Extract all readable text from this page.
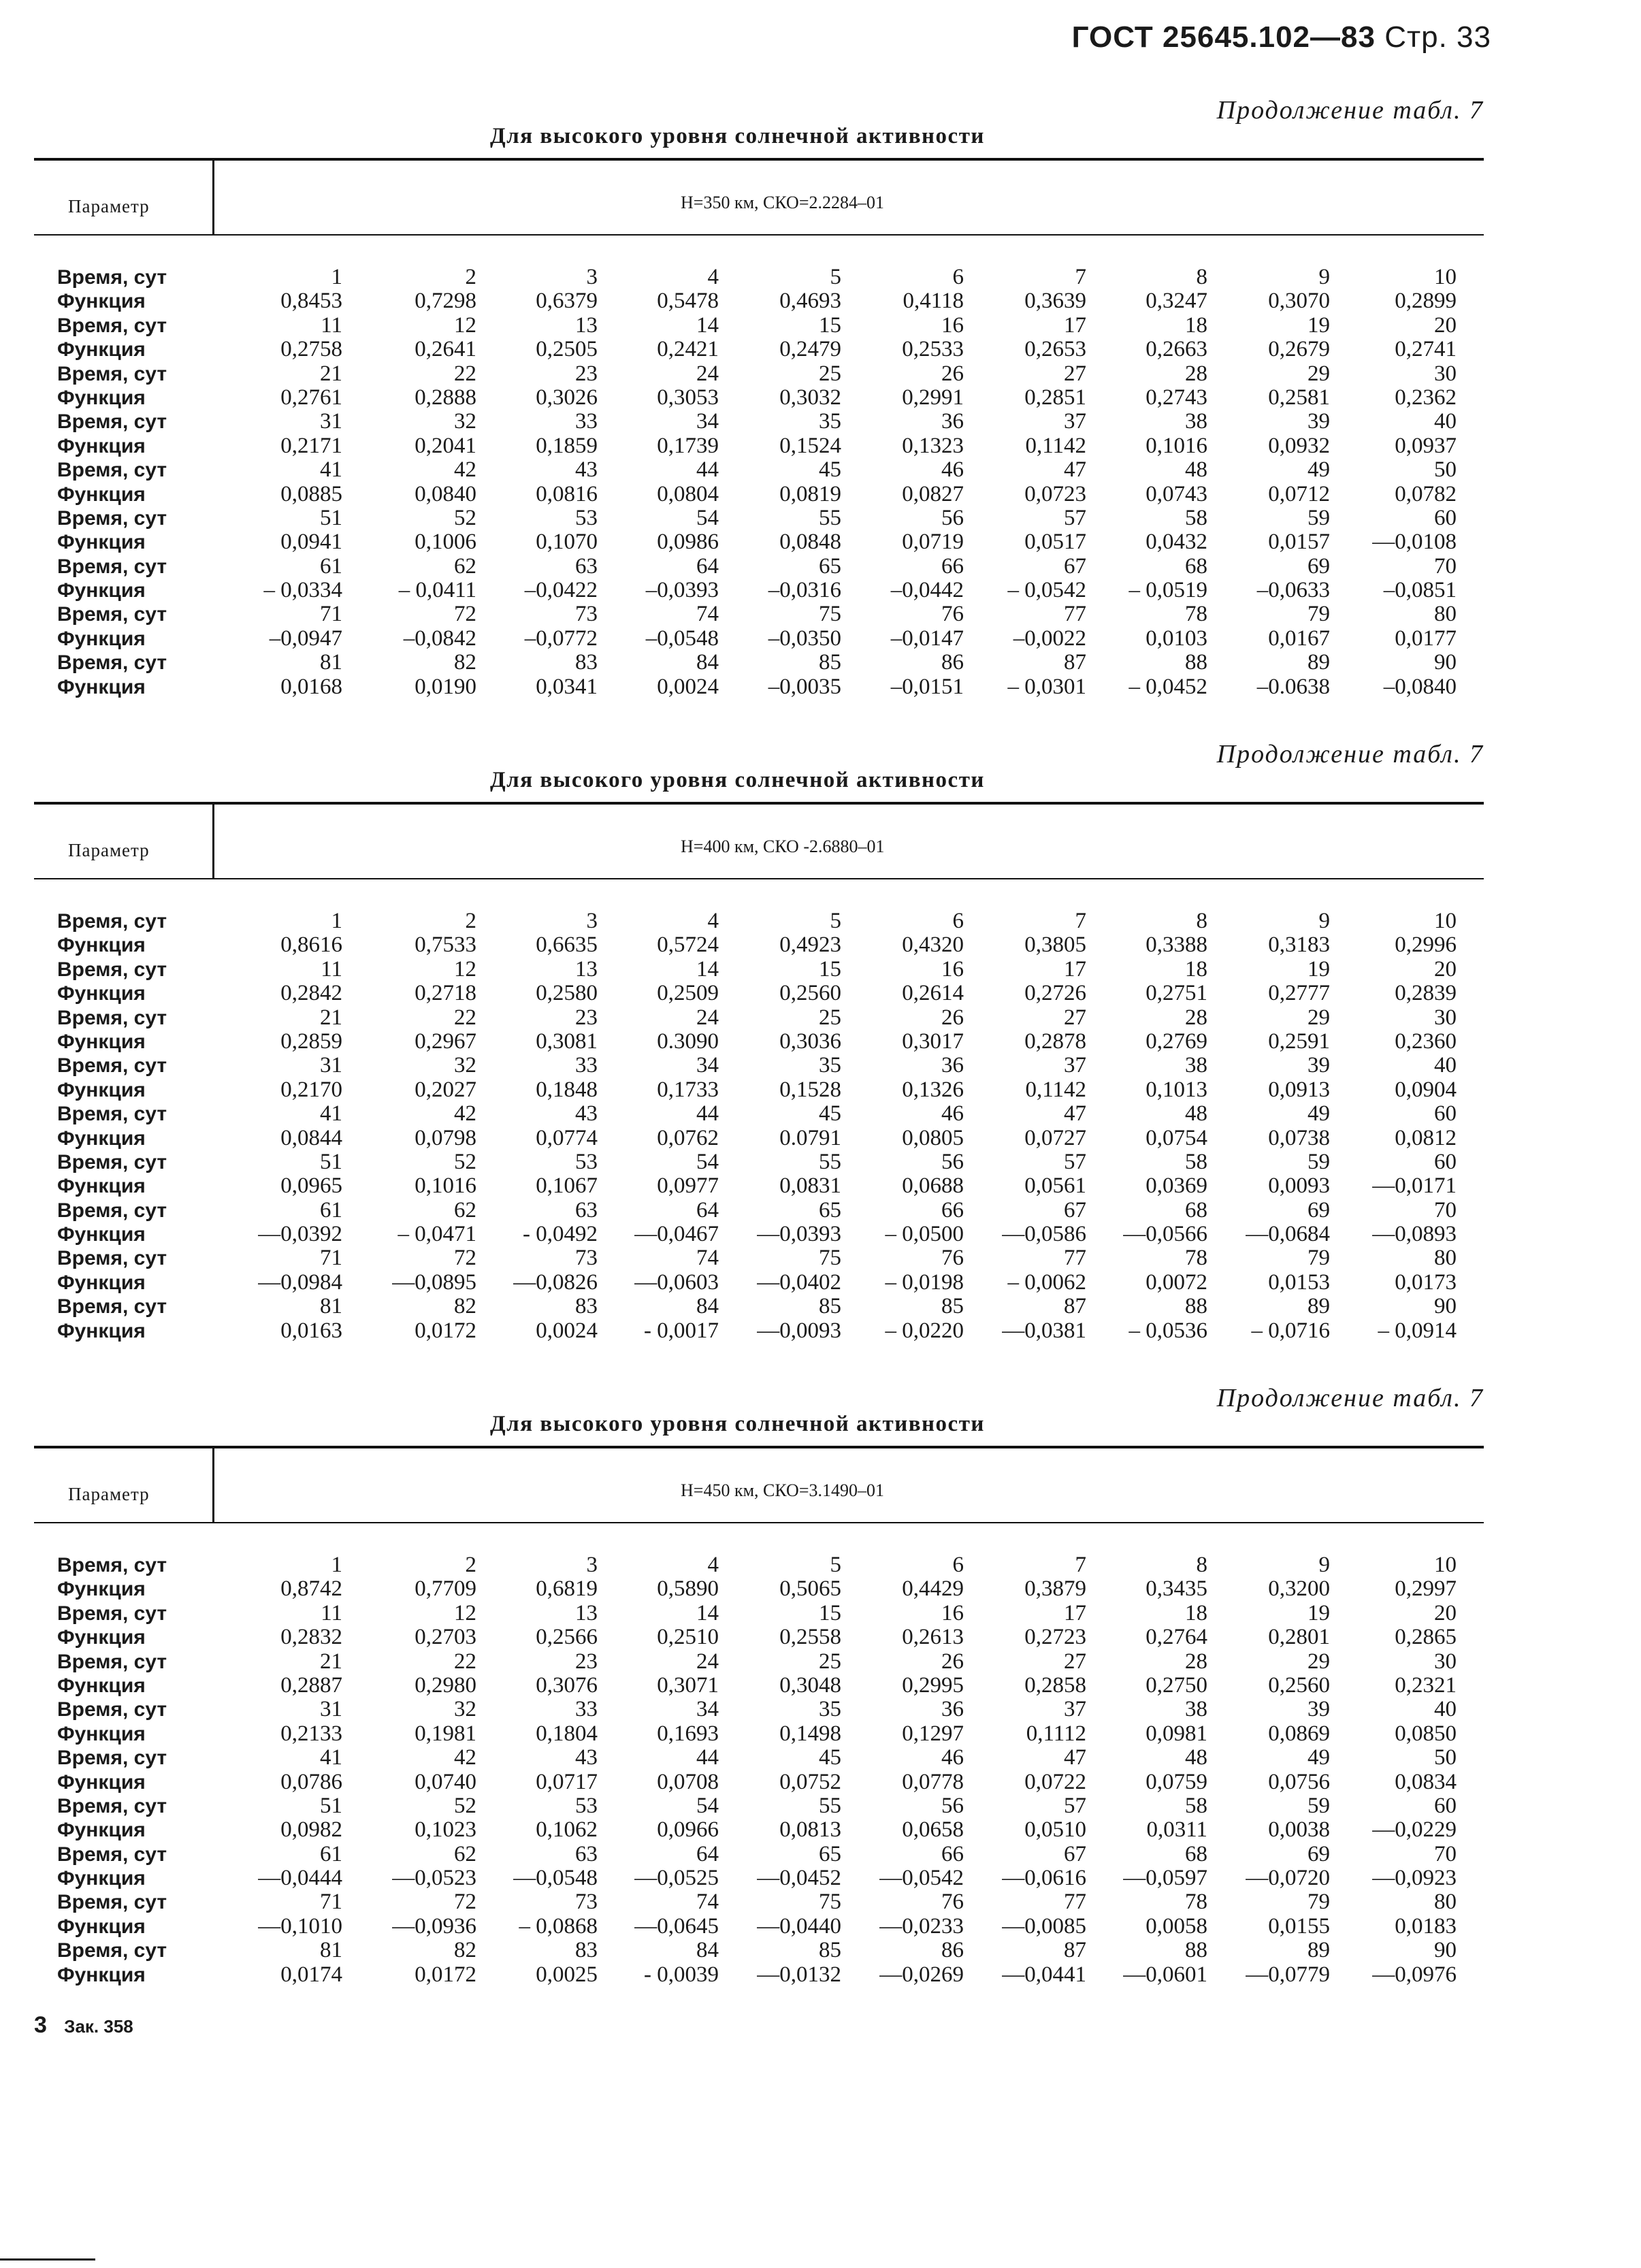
ГОСТ 25645.102—83 Стр. 33
Продолжение табл. 7
Для высокого уровня солнечной активности
Параметр	H=350 км, СКО=2.2284–01
Время, сут	1	2	3	4	5	6	7	8	9	10
Функция	0,8453	0,7298	0,6379	0,5478	0,4693	0,4118	0,3639	0,3247	0,3070	0,2899
Время, сут	11	12	13	14	15	16	17	18	19	20
Функция	0,2758	0,2641	0,2505	0,2421	0,2479	0,2533	0,2653	0,2663	0,2679	0,2741
Время, сут	21	22	23	24	25	26	27	28	29	30
Функция	0,2761	0,2888	0,3026	0,3053	0,3032	0,2991	0,2851	0,2743	0,2581	0,2362
Время, сут	31	32	33	34	35	36	37	38	39	40
Функция	0,2171	0,2041	0,1859	0,1739	0,1524	0,1323	0,1142	0,1016	0,0932	0,0937
Время, сут	41	42	43	44	45	46	47	48	49	50
Функция	0,0885	0,0840	0,0816	0,0804	0,0819	0,0827	0,0723	0,0743	0,0712	0,0782
Время, сут	51	52	53	54	55	56	57	58	59	60
Функция	0,0941	0,1006	0,1070	0,0986	0,0848	0,0719	0,0517	0,0432	0,0157	—0,0108
Время, сут	61	62	63	64	65	66	67	68	69	70
Функция	– 0,0334	– 0,0411	–0,0422	–0,0393	–0,0316	–0,0442	– 0,0542	– 0,0519	–0,0633	–0,0851
Время, сут	71	72	73	74	75	76	77	78	79	80
Функция	–0,0947	–0,0842	–0,0772	–0,0548	–0,0350	–0,0147	–0,0022	0,0103	0,0167	0,0177
Время, сут	81	82	83	84	85	86	87	88	89	90
Функция	0,0168	0,0190	0,0341	0,0024	–0,0035	–0,0151	– 0,0301	– 0,0452	–0.0638	–0,0840
Продолжение табл. 7
Для высокого уровня солнечной активности
Параметр	H=400 км, СКО -2.6880–01
Время, сут	1	2	3	4	5	6	7	8	9	10
Функция	0,8616	0,7533	0,6635	0,5724	0,4923	0,4320	0,3805	0,3388	0,3183	0,2996
Время, сут	11	12	13	14	15	16	17	18	19	20
Функция	0,2842	0,2718	0,2580	0,2509	0,2560	0,2614	0,2726	0,2751	0,2777	0,2839
Время, сут	21	22	23	24	25	26	27	28	29	30
Функция	0,2859	0,2967	0,3081	0.3090	0,3036	0,3017	0,2878	0,2769	0,2591	0,2360
Время, сут	31	32	33	34	35	36	37	38	39	40
Функция	0,2170	0,2027	0,1848	0,1733	0,1528	0,1326	0,1142	0,1013	0,0913	0,0904
Время, сут	41	42	43	44	45	46	47	48	49	60
Функция	0,0844	0,0798	0,0774	0,0762	0.0791	0,0805	0,0727	0,0754	0,0738	0,0812
Время, сут	51	52	53	54	55	56	57	58	59	60
Функция	0,0965	0,1016	0,1067	0,0977	0,0831	0,0688	0,0561	0,0369	0,0093	—0,0171
Время, сут	61	62	63	64	65	66	67	68	69	70
Функция	—0,0392	– 0,0471	- 0,0492	—0,0467	—0,0393	– 0,0500	—0,0586	—0,0566	—0,0684	—0,0893
Время, сут	71	72	73	74	75	76	77	78	79	80
Функция	—0,0984	—0,0895	—0,0826	—0,0603	—0,0402	– 0,0198	– 0,0062	0,0072	0,0153	0,0173
Время, сут	81	82	83	84	85	85	87	88	89	90
Функция	0,0163	0,0172	0,0024	- 0,0017	—0,0093	– 0,0220	—0,0381	– 0,0536	– 0,0716	– 0,0914
Продолжение табл. 7
Для высокого уровня солнечной активности
Параметр	H=450 км, СКО=3.1490–01
Время, сут	1	2	3	4	5	6	7	8	9	10
Функция	0,8742	0,7709	0,6819	0,5890	0,5065	0,4429	0,3879	0,3435	0,3200	0,2997
Время, сут	11	12	13	14	15	16	17	18	19	20
Функция	0,2832	0,2703	0,2566	0,2510	0,2558	0,2613	0,2723	0,2764	0,2801	0,2865
Время, сут	21	22	23	24	25	26	27	28	29	30
Функция	0,2887	0,2980	0,3076	0,3071	0,3048	0,2995	0,2858	0,2750	0,2560	0,2321
Время, сут	31	32	33	34	35	36	37	38	39	40
Функция	0,2133	0,1981	0,1804	0,1693	0,1498	0,1297	0,1112	0,0981	0,0869	0,0850
Время, сут	41	42	43	44	45	46	47	48	49	50
Функция	0,0786	0,0740	0,0717	0,0708	0,0752	0,0778	0,0722	0,0759	0,0756	0,0834
Время, сут	51	52	53	54	55	56	57	58	59	60
Функция	0,0982	0,1023	0,1062	0,0966	0,0813	0,0658	0,0510	0,0311	0,0038	—0,0229
Время, сут	61	62	63	64	65	66	67	68	69	70
Функция	—0,0444	—0,0523	—0,0548	—0,0525	—0,0452	—0,0542	—0,0616	—0,0597	—0,0720	—0,0923
Время, сут	71	72	73	74	75	76	77	78	79	80
Функция	—0,1010	—0,0936	– 0,0868	—0,0645	—0,0440	—0,0233	—0,0085	0,0058	0,0155	0,0183
Время, сут	81	82	83	84	85	86	87	88	89	90
Функция	0,0174	0,0172	0,0025	- 0,0039	—0,0132	—0,0269	—0,0441	—0,0601	—0,0779	—0,0976
3 Зак. 358
